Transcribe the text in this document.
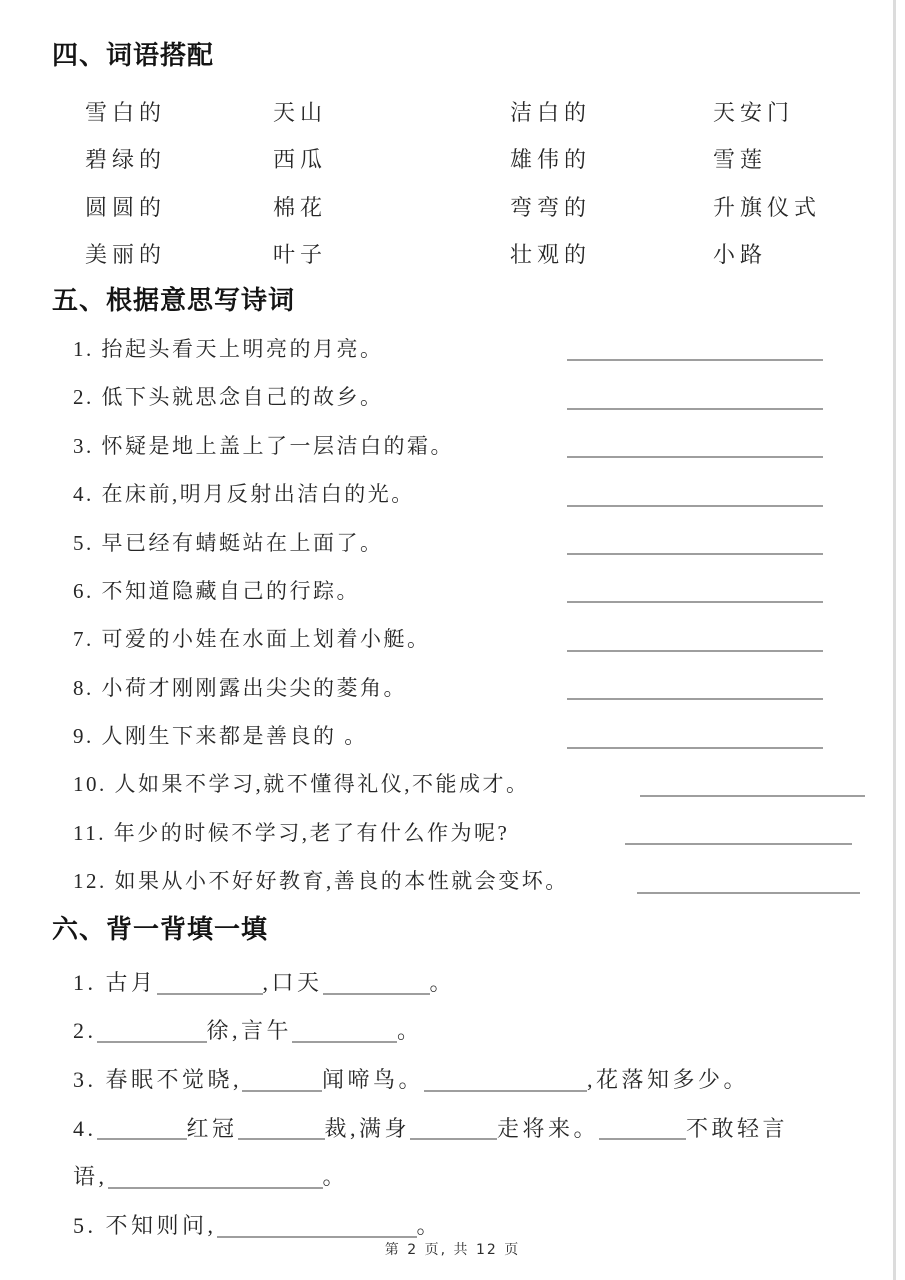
四、词语搭配
雪白的	天山	洁白的	天安门
碧绿的	西瓜	雄伟的	雪莲
圆圆的	棉花	弯弯的	升旗仪式
美丽的	叶子	壮观的	小路
五、根据意思写诗词
1. 抬起头看天上明亮的月亮。
2. 低下头就思念自己的故乡。
3. 怀疑是地上盖上了一层洁白的霜。
4. 在床前,明月反射出洁白的光。
5. 早已经有蜻蜓站在上面了。
6. 不知道隐藏自己的行踪。
7. 可爱的小娃在水面上划着小艇。
8. 小荷才刚刚露出尖尖的菱角。
9. 人刚生下来都是善良的 。
10. 人如果不学习,就不懂得礼仪,不能成才。
11. 年少的时候不学习,老了有什么作为呢?
12. 如果从小不好好教育,善良的本性就会变坏。
六、背一背填一填
1. 古月	,口天	。
2.	徐,言午	。
3. 春眠不觉晓,	闻啼鸟。	,花落知多少。
4.	红冠	裁,满身	走将来。	不敢轻言
语,	。
5. 不知则问,	。
第 2 页, 共 12 页
